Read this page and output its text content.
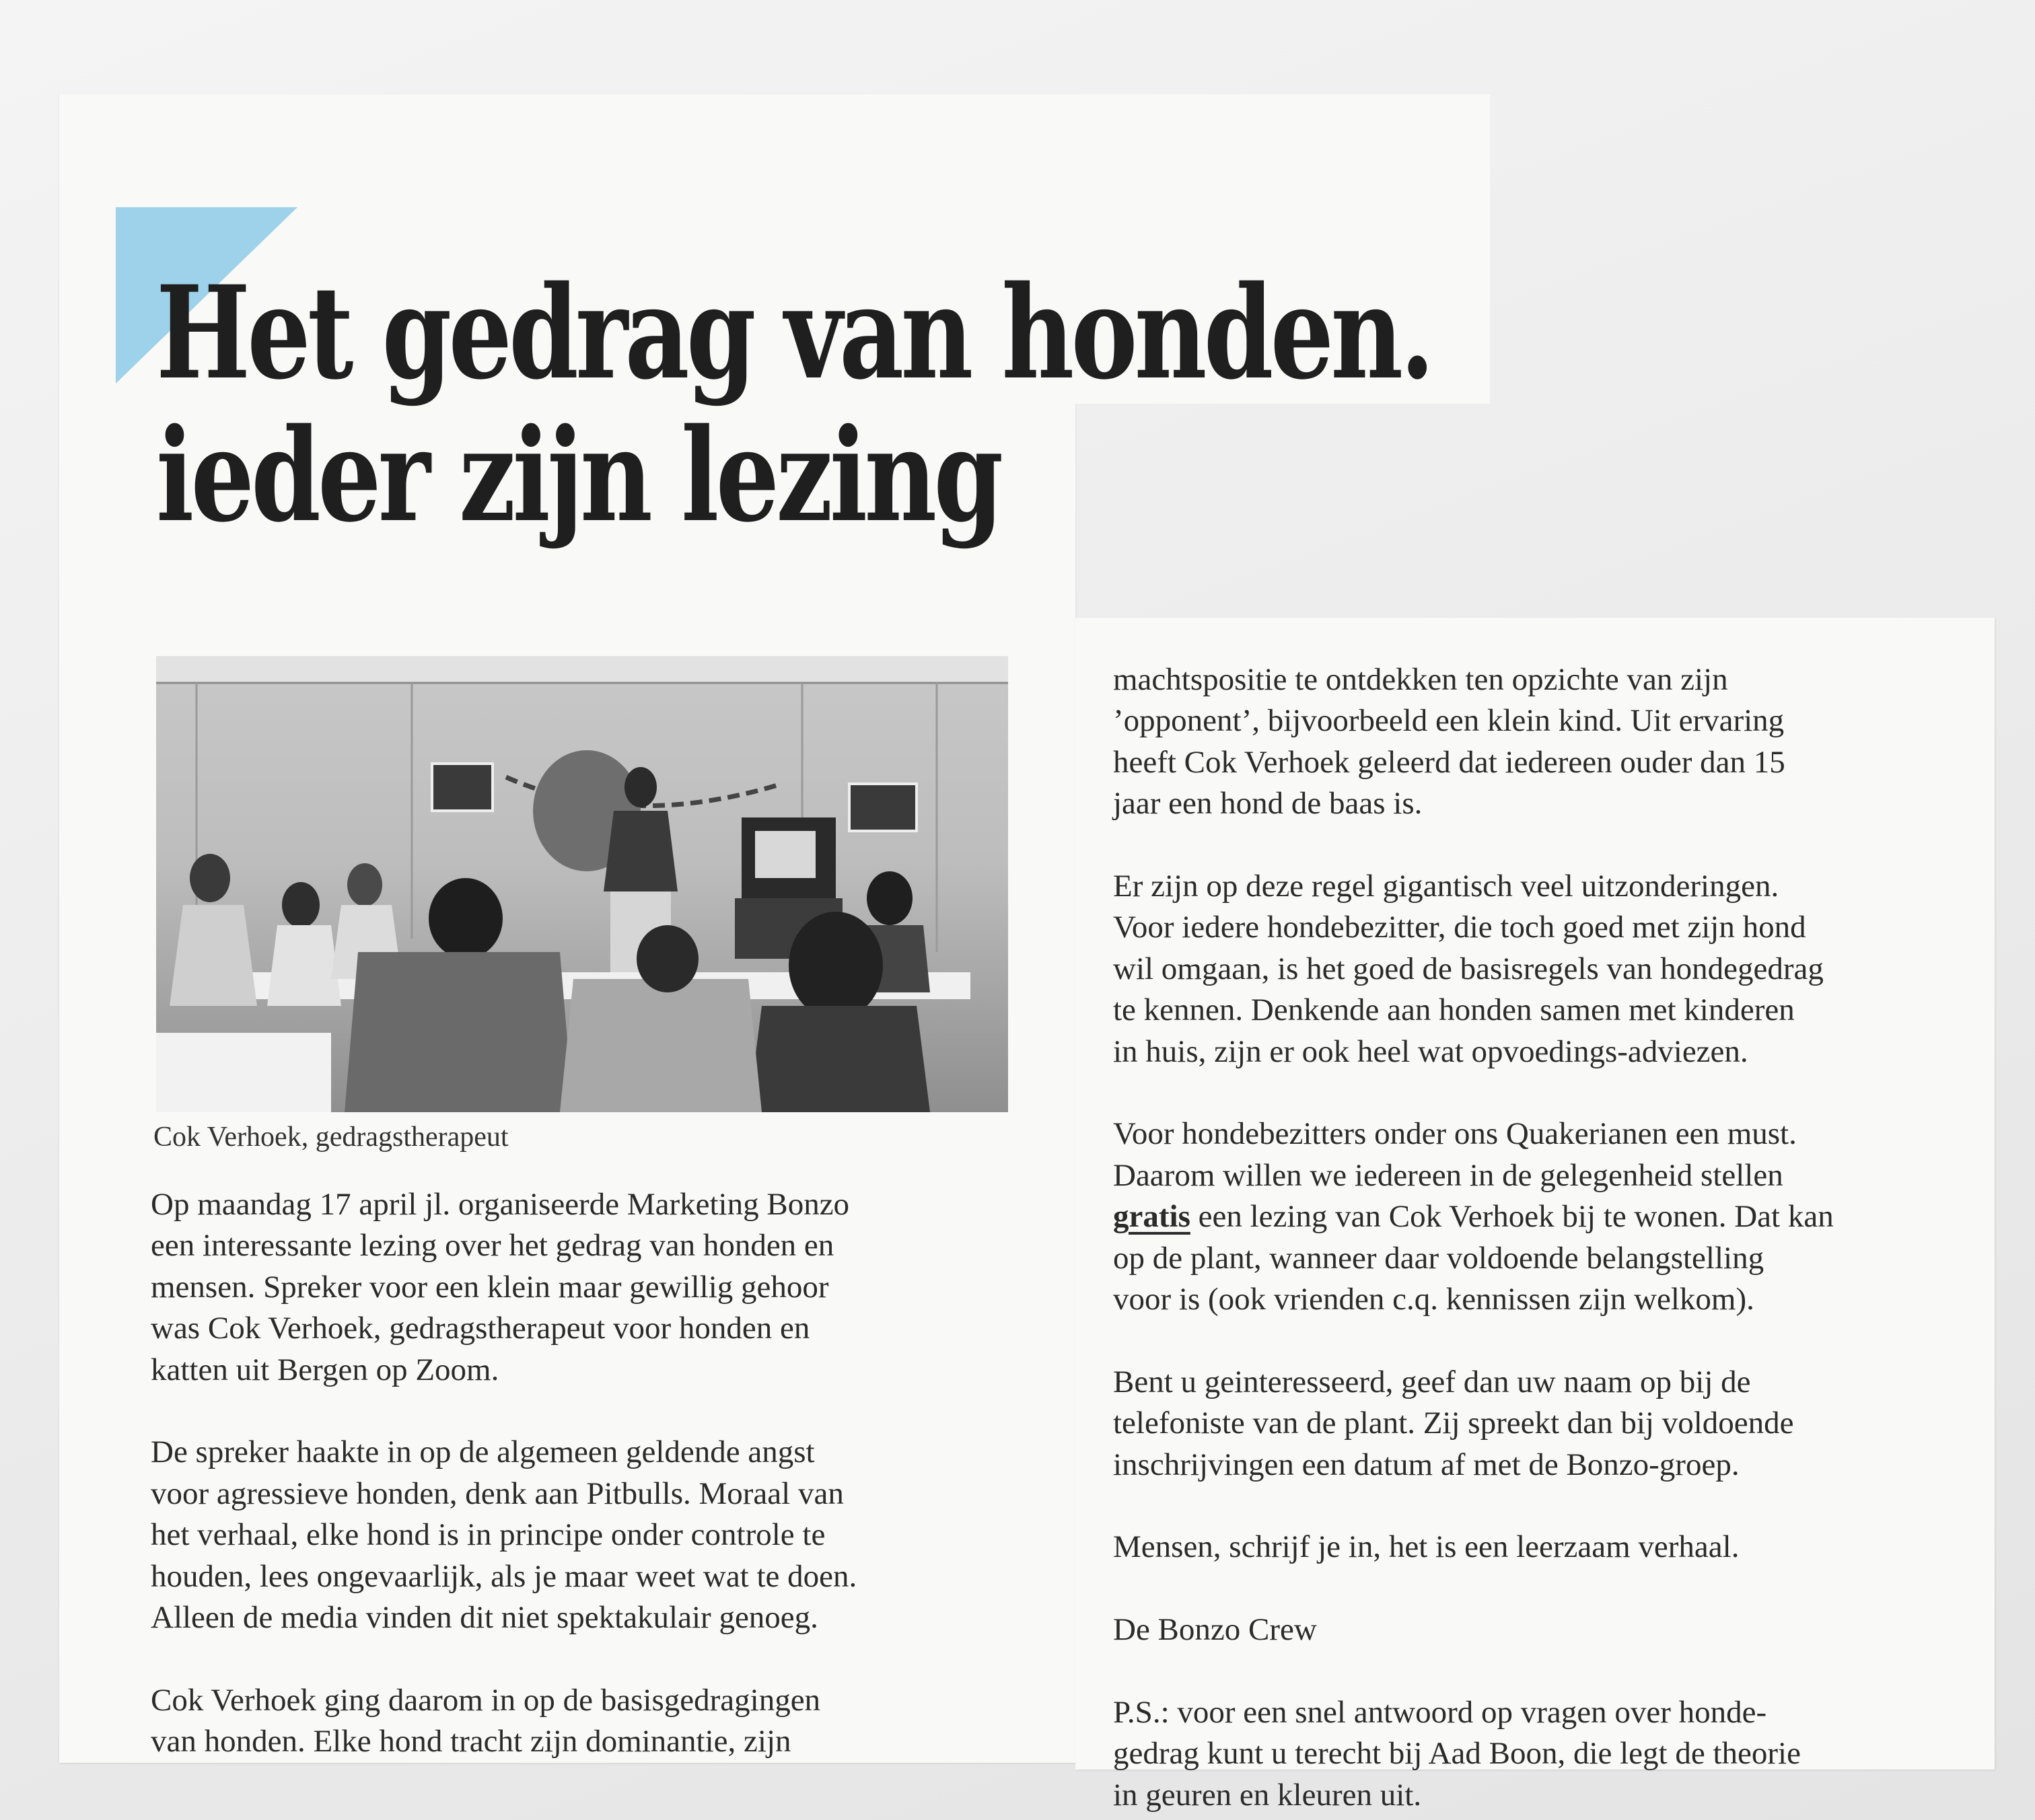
Het gedrag van honden.
ieder zijn lezing
Cok Verhoek, gedragstherapeut

Op maandag 17 april jl. organiseerde Marketing Bonzo
een interessante lezing over het gedrag van honden en
mensen. Spreker voor een klein maar gewillig gehoor
was Cok Verhoek, gedragstherapeut voor honden en
katten uit Bergen op Zoom.

De spreker haakte in op de algemeen geldende angst
voor agressieve honden, denk aan Pitbulls. Moraal van
het verhaal, elke hond is in principe onder controle te
houden, lees ongevaarlijk, als je maar weet wat te doen.
Alleen de media vinden dit niet spektakulair genoeg.

Cok Verhoek ging daarom in op de basisgedragingen
van honden. Elke hond tracht zijn dominantie, zijn

machtspositie te ontdekken ten opzichte van zijn
’opponent’, bijvoorbeeld een klein kind. Uit ervaring
heeft Cok Verhoek geleerd dat iedereen ouder dan 15
jaar een hond de baas is.

Er zijn op deze regel gigantisch veel uitzonderingen.
Voor iedere hondebezitter, die toch goed met zijn hond
wil omgaan, is het goed de basisregels van hondegedrag
te kennen. Denkende aan honden samen met kinderen
in huis, zijn er ook heel wat opvoedings-adviezen.

Voor hondebezitters onder ons Quakerianen een must.
Daarom willen we iedereen in de gelegenheid stellen
gratis een lezing van Cok Verhoek bij te wonen. Dat kan
op de plant, wanneer daar voldoende belangstelling
voor is (ook vrienden c.q. kennissen zijn welkom).

Bent u geinteresseerd, geef dan uw naam op bij de
telefoniste van de plant. Zij spreekt dan bij voldoende
inschrijvingen een datum af met de Bonzo-groep.

Mensen, schrijf je in, het is een leerzaam verhaal.

De Bonzo Crew

P.S.: voor een snel antwoord op vragen over honde-
gedrag kunt u terecht bij Aad Boon, die legt de theorie
in geuren en kleuren uit.
